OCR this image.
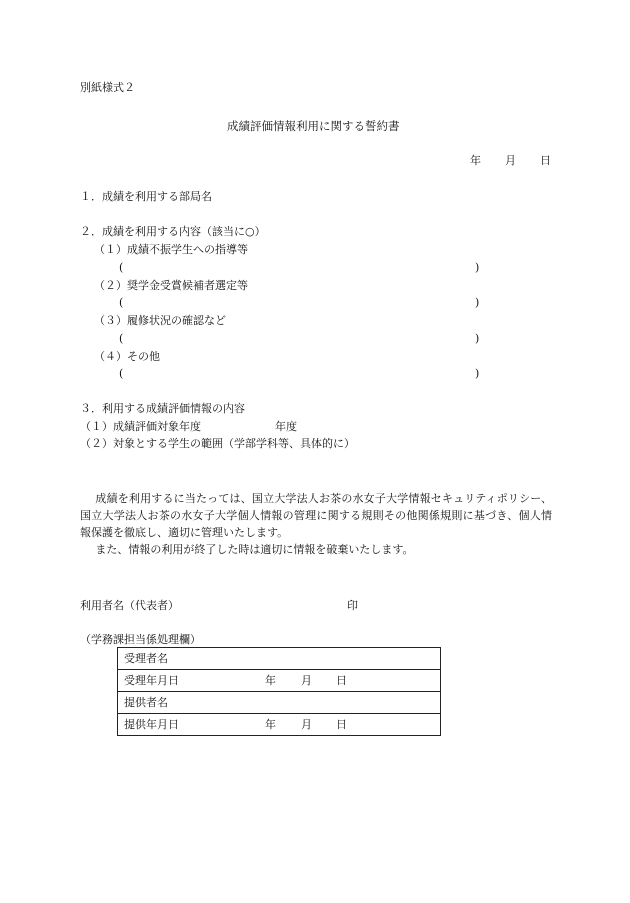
別紙様式２
成績評価情報利用に関する誓約書
年 月 日
１．成績を利用する部局名
２．成績を利用する内容（該当に○）
（１）成績不振学生への指導等
(	)
（２）奨学金受賞候補者選定等
(	)
（３）履修状況の確認など
(	)
（４）その他
(	)
３．利用する成績評価情報の内容
（１）成績評価対象年度	年度
（２）対象とする学生の範囲（学部学科等、具体的に）

成績を利用するに当たっては、国立大学法人お茶の水女子大学情報セキュリティポリシー、国立大学法人お茶の水女子大学個人情報の管理に関する規則その他関係規則に基づき、個人情報保護を徹底し、適切に管理いたします。

また、情報の利用が終了した時は適切に情報を破棄いたします。

利用者名（代表者）	印
（学務課担当係処理欄）
受理者名
受理年月日	年 月 日

提供者名
提供年月日	年 月 日
